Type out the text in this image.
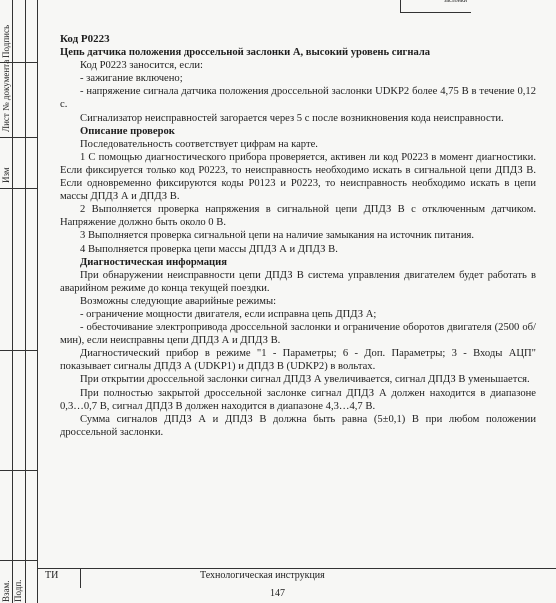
Подпись
Лист № документа
Изм
Взам. Подп.
заслонки

Код P0223

Цепь датчика положения дроссельной заслонки А, высокий уровень сигнала

Код Р0223 заносится, если:

- зажигание включено;

- напряжение сигнала датчика положения дроссельной заслонки UDKP2 более 4,75 В в течение 0,12 с.

Сигнализатор неисправностей загорается через 5 с после возникновения кода неисправности.

Описание проверок

Последовательность соответствует цифрам на карте.

1 С помощью диагностического прибора проверяется, активен ли код Р0223 в момент диагностики. Если фиксируется только код Р0223, то неисправность необходимо искать в сигнальной цепи ДПДЗ В. Если одновременно фиксируются коды Р0123 и Р0223, то неисправность необходимо искать в цепи массы ДПДЗ А и ДПДЗ В.

2 Выполняется проверка напряжения в сигнальной цепи ДПДЗ В с отключенным датчиком. Напряжение должно быть около 0 В.

3 Выполняется проверка сигнальной цепи на наличие замыкания на источник питания.

4 Выполняется проверка цепи массы ДПДЗ А и ДПДЗ В.

Диагностическая информация

При обнаружении неисправности цепи ДПДЗ В система управления двигателем будет работать в аварийном режиме до конца текущей поездки.

Возможны следующие аварийные режимы:

- ограничение мощности двигателя, если исправна цепь ДПДЗ А;

- обесточивание электропривода дроссельной заслонки и ограничение оборотов двигателя (2500 об/мин), если неисправны цепи ДПДЗ А и ДПДЗ В.

Диагностический прибор в режиме "1 - Параметры; 6 - Доп. Параметры; 3 - Входы АЦП" показывает сигналы ДПДЗ А (UDKP1) и ДПДЗ В (UDKP2) в вольтах.

При открытии дроссельной заслонки сигнал ДПДЗ А увеличивается, сигнал ДПДЗ В уменьшается.

При полностью закрытой дроссельной заслонке сигнал ДПДЗ А должен находится в диапазоне 0,3…0,7 В, сигнал ДПДЗ В должен находится в диапазоне 4,3…4,7 В.

Сумма сигналов ДПДЗ А и ДПДЗ В должна быть равна (5±0,1) В при любом положении дроссельной заслонки.

ТИ	Технологическая инструкция
147
